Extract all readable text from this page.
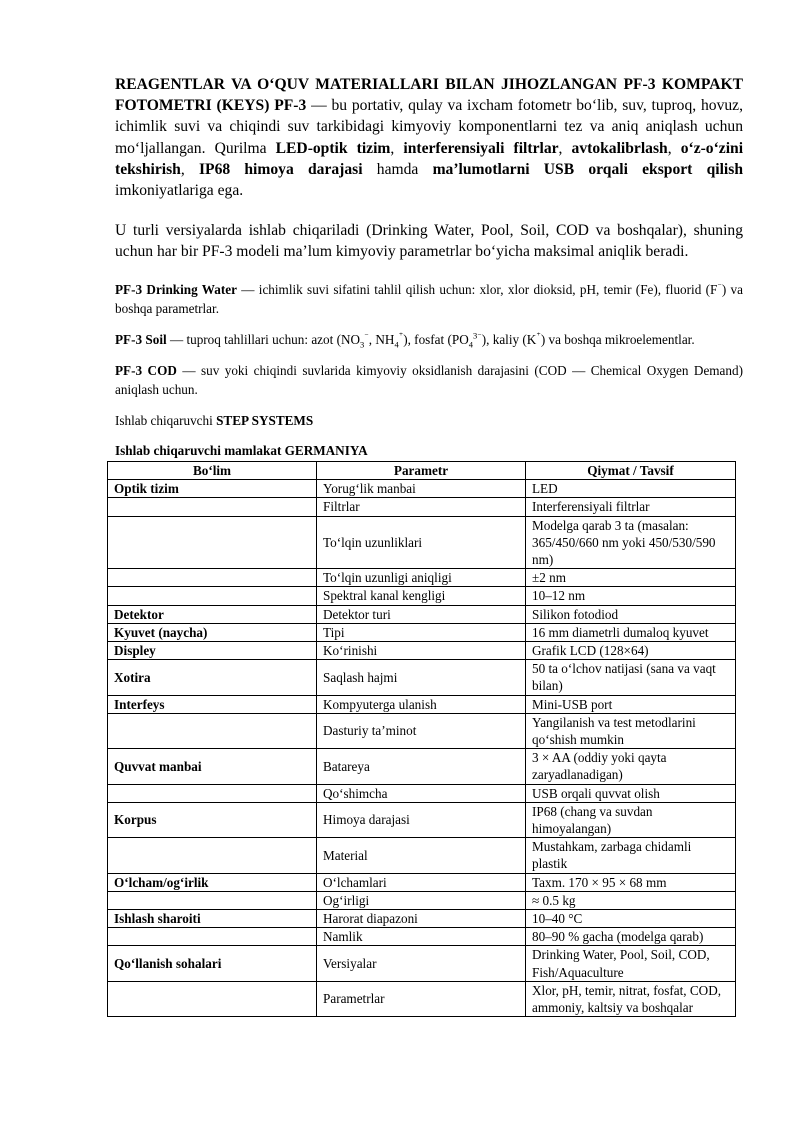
REAGENTLAR VA O‘QUV MATERIALLARI BILAN JIHOZLANGAN PF-3 KOMPAKT FOTOMETRI (KEYS) PF-3 — bu portativ, qulay va ixcham fotometr bo‘lib, suv, tuproq, hovuz, ichimlik suvi va chiqindi suv tarkibidagi kimyoviy komponentlarni tez va aniq aniqlash uchun mo‘ljallangan. Qurilma LED-optik tizim, interferensiyali filtrlar, avtokalibrlash, o‘z-o‘zini tekshirish, IP68 himoya darajasi hamda ma’lumotlarni USB orqali eksport qilish imkoniyatlariga ega.

U turli versiyalarda ishlab chiqariladi (Drinking Water, Pool, Soil, COD va boshqalar), shuning uchun har bir PF-3 modeli ma’lum kimyoviy parametrlar bo‘yicha maksimal aniqlik beradi.

PF-3 Drinking Water — ichimlik suvi sifatini tahlil qilish uchun: xlor, xlor dioksid, pH, temir (Fe), fluorid (F⁻) va boshqa parametrlar.

PF-3 Soil — tuproq tahlillari uchun: azot ($NO_3^{^-}$, $NH_4^{^+}$), fosfat $(PO_4^{3^-})$, kaliy (K⁺) va boshqa mikroelementlar.

PF-3 COD — suv yoki chiqindi suvlarida kimyoviy oksidlanish darajasini (COD — Chemical Oxygen Demand) aniqlash uchun.

Ishlab chiqaruvchi STEP SYSTEMS

Ishlab chiqaruvchi mamlakat GERMANIYA

Bo‘lim	Parametr	Qiymat / Tavsif
Optik tizim	Yorug‘lik manbai	LED
	Filtrlar	Interferensiyali filtrlar
	To‘lqin uzunliklari	Modelga qarab 3 ta (masalan: 365/450/660 nm yoki 450/530/590 nm)
	To‘lqin uzunligi aniqligi	±2 nm
	Spektral kanal kengligi	10–12 nm
Detektor	Detektor turi	Silikon fotodiod
Kyuvet (naycha)	Tipi	16 mm diametrli dumaloq kyuvet
Displey	Ko‘rinishi	Grafik LCD (128×64)
Xotira	Saqlash hajmi	50 ta o‘lchov natijasi (sana va vaqt bilan)
Interfeys	Kompyuterga ulanish	Mini-USB port
	Dasturiy ta’minot	Yangilanish va test metodlarini qo‘shish mumkin
Quvvat manbai	Batareya	3 × AA (oddiy yoki qayta zaryadlanadigan)
	Qo‘shimcha	USB orqali quvvat olish
Korpus	Himoya darajasi	IP68 (chang va suvdan himoyalangan)
	Material	Mustahkam, zarbaga chidamli plastik
O‘lcham/og‘irlik	O‘lchamlari	Taxm. 170 × 95 × 68 mm
	Og‘irligi	≈ 0.5 kg
Ishlash sharoiti	Harorat diapazoni	10–40 °C
	Namlik	80–90 % gacha (modelga qarab)
Qo‘llanish sohalari	Versiyalar	Drinking Water, Pool, Soil, COD, Fish/Aquaculture
	Parametrlar	Xlor, pH, temir, nitrat, fosfat, COD, ammoniy, kaltsiy va boshqalar
